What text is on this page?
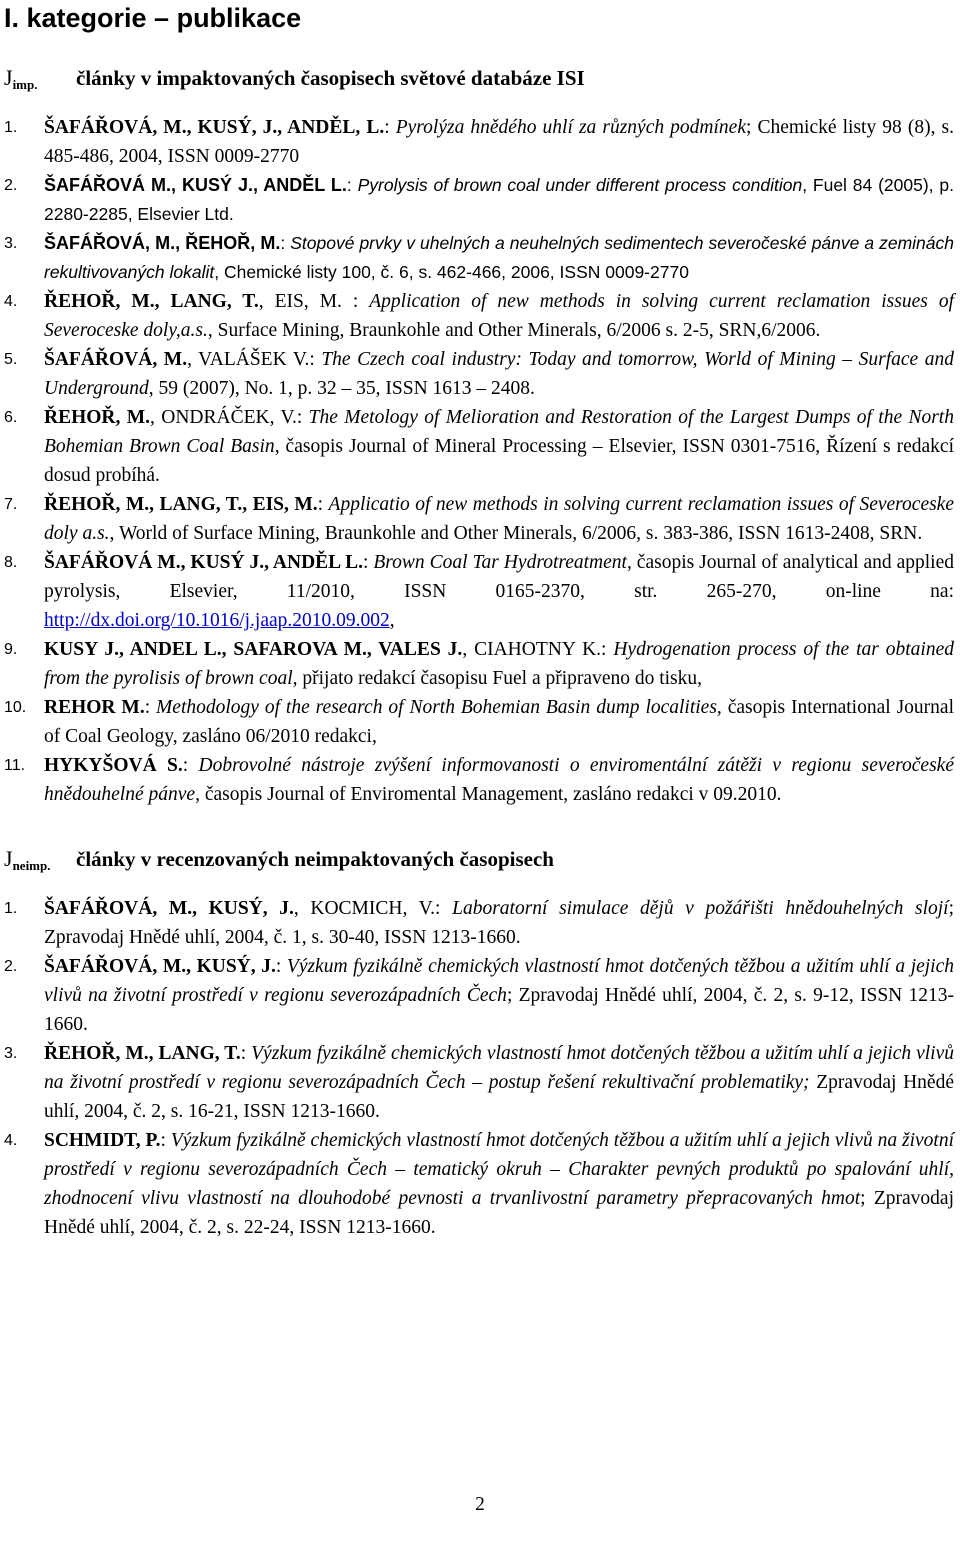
I. kategorie – publikace
$J_{imp.}$	články v impaktovaných časopisech světové databáze ISI
1.	ŠAFÁŘOVÁ, M., KUSÝ, J., ANDĚL, L.: Pyrolýza hnědého uhlí za různých podmínek; Chemické listy 98 (8), s. 485-486, 2004, ISSN 0009-2770
2.	ŠAFÁŘOVÁ M., KUSÝ J., ANDĚL L.: Pyrolysis of brown coal under different process condition, Fuel 84 (2005), p. 2280-2285, Elsevier Ltd.
3.	ŠAFÁŘOVÁ, M., ŘEHOŘ, M.: Stopové prvky v uhelných a neuhelných sedimentech severočeské pánve a zeminách rekultivovaných lokalit, Chemické listy 100, č. 6, s. 462-466, 2006, ISSN 0009-2770
4.	ŘEHOŘ, M., LANG, T., EIS, M. : Application of new methods in solving current reclamation issues of Severoceske doly,a.s., Surface Mining, Braunkohle and Other Minerals, 6/2006 s. 2-5, SRN,6/2006.
5.	ŠAFÁŘOVÁ, M., VALÁŠEK V.: The Czech coal industry: Today and tomorrow, World of Mining – Surface and Underground, 59 (2007), No. 1, p. 32 – 35, ISSN 1613 – 2408.
6.	ŘEHOŘ, M., ONDRÁČEK, V.: The Metology of Melioration and Restoration of the Largest Dumps of the North Bohemian Brown Coal Basin, časopis Journal of Mineral Processing – Elsevier, ISSN 0301-7516, Řízení s redakcí dosud probíhá.
7.	ŘEHOŘ, M., LANG, T., EIS, M.: Applicatio of new methods in solving current reclamation issues of Severoceske doly a.s., World of Surface Mining, Braunkohle and Other Minerals, 6/2006, s. 383-386, ISSN 1613-2408, SRN.
8.	ŠAFÁŘOVÁ M., KUSÝ J., ANDĚL L.: Brown Coal Tar Hydrotreatment, časopis Journal of analytical and applied pyrolysis, Elsevier, 11/2010, ISSN 0165-2370, str. 265-270, on-line na: http://dx.doi.org/10.1016/j.jaap.2010.09.002,
9.	KUSY J., ANDEL L., SAFAROVA M., VALES J., CIAHOTNY K.: Hydrogenation process of the tar obtained from the pyrolisis of brown coal, přijato redakcí časopisu Fuel a připraveno do tisku,
10. REHOR M.: Methodology of the research of North Bohemian Basin dump localities, časopis International Journal of Coal Geology, zasláno 06/2010 redakci,
11. HYKYŠOVÁ S.: Dobrovolné nástroje zvýšení informovanosti o enviromentální zátěži v regionu severočeské hnědouhelné pánve, časopis Journal of Enviromental Management, zasláno redakci v 09.2010.
$J_{neimp.}$	články v recenzovaných neimpaktovaných časopisech
1.	ŠAFÁŘOVÁ, M., KUSÝ, J., KOCMICH, V.: Laboratorní simulace dějů v požářišti hnědouhelných slojí; Zpravodaj Hnědé uhlí, 2004, č. 1, s. 30-40, ISSN 1213-1660.
2.	ŠAFÁŘOVÁ, M., KUSÝ, J.: Výzkum fyzikálně chemických vlastností hmot dotčených těžbou a užitím uhlí a jejich vlivů na životní prostředí v regionu severozápadních Čech; Zpravodaj Hnědé uhlí, 2004, č. 2, s. 9-12, ISSN 1213-1660.
3.	ŘEHOŘ, M., LANG, T.: Výzkum fyzikálně chemických vlastností hmot dotčených těžbou a užitím uhlí a jejich vlivů na životní prostředí v regionu severozápadních Čech – postup řešení rekultivační problematiky; Zpravodaj Hnědé uhlí, 2004, č. 2, s. 16-21, ISSN 1213-1660.
4.	SCHMIDT, P.: Výzkum fyzikálně chemických vlastností hmot dotčených těžbou a užitím uhlí a jejich vlivů na životní prostředí v regionu severozápadních Čech – tematický okruh – Charakter pevných produktů po spalování uhlí, zhodnocení vlivu vlastností na dlouhodobé pevnosti a trvanlivostní parametry přepracovaných hmot; Zpravodaj Hnědé uhlí, 2004, č. 2, s. 22-24, ISSN 1213-1660.
2
